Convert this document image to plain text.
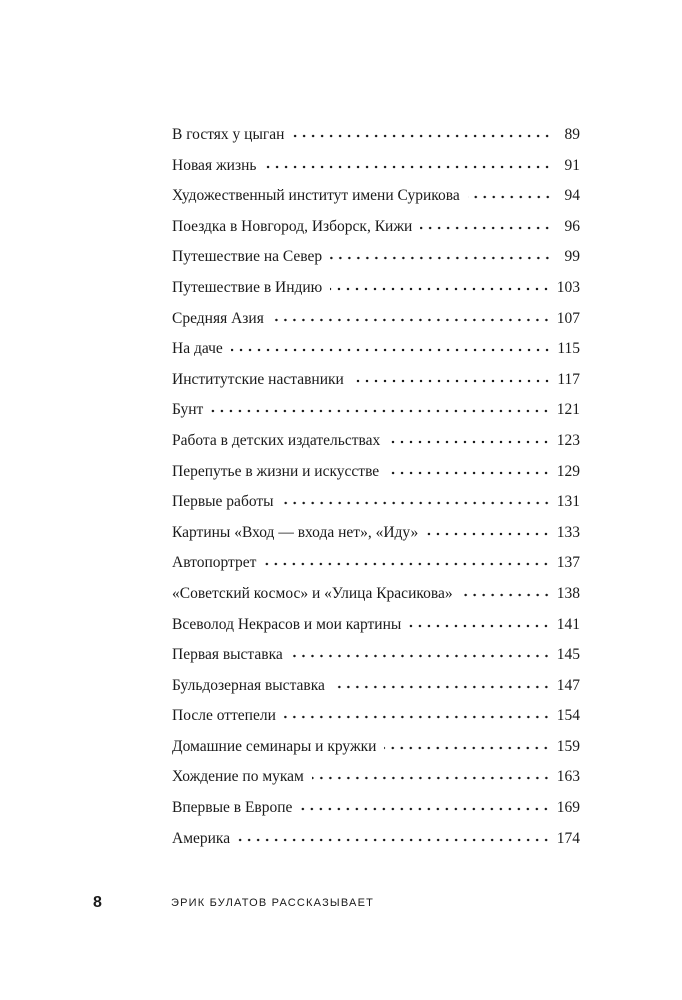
В гостях у цыган	89
Новая жизнь	91
Художественный институт имени Сурикова	94
Поездка в Новгород, Изборск, Кижи	96
Путешествие на Север	99
Путешествие в Индию	103
Средняя Азия	107
На даче	115
Институтские наставники	117
Бунт	121
Работа в детских издательствах	123
Перепутье в жизни и искусстве	129
Первые работы	131
Картины «Вход — входа нет», «Иду»	133
Автопортрет	137
«Советский космос» и «Улица Красикова»	138
Всеволод Некрасов и мои картины	141
Первая выставка	145
Бульдозерная выставка	147
После оттепели	154
Домашние семинары и кружки	159
Хождение по мукам	163
Впервые в Европе	169
Америка	174
8	ЭРИК БУЛАТОВ РАССКАЗЫВАЕТ
